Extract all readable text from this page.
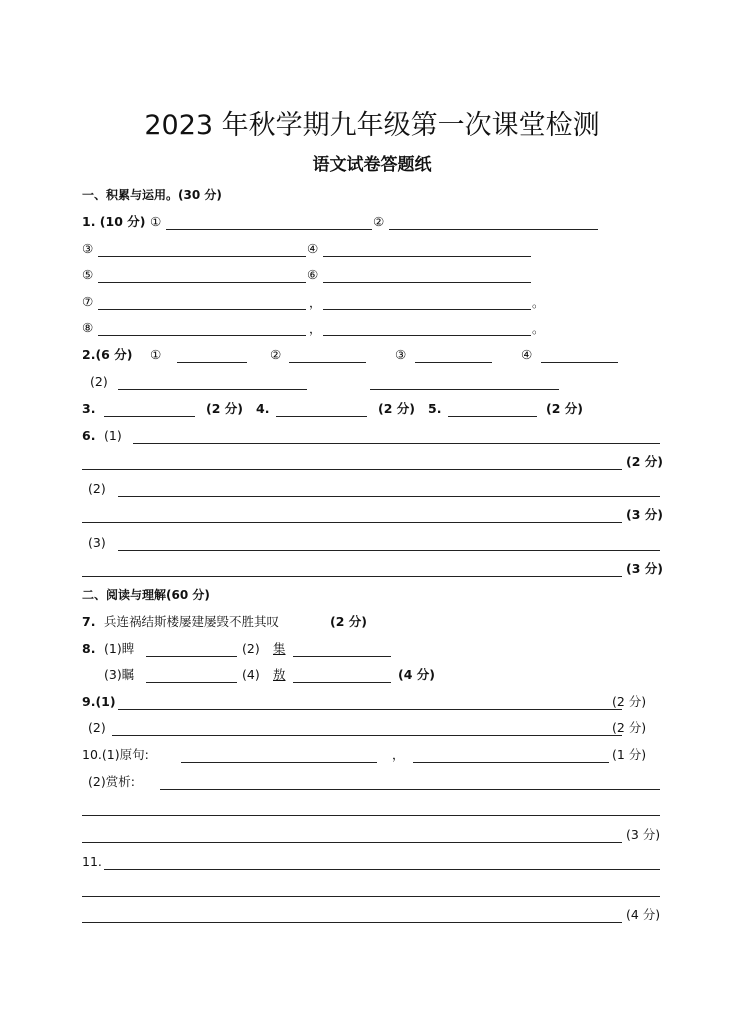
2023 年秋学期九年级第一次课堂检测
语文试卷答题纸
一、积累与运用。(30 分)
1. (10 分) ①	②
③	④
⑤	⑥
⑦	，	。
⑧	，	。
2.(6 分) ①	②	③	④
(2)
3.	(2 分) 4.	(2 分) 5.	(2 分)
6. (1)
(2 分)
(2)
(3 分)
(3)
(3 分)
二、阅读与理解(60 分)
7. 兵连祸结斯楼屡建屡毁不胜其叹	(2 分)
8. (1)睥	(2) 集
(3)瞩	(4) 敖	(4 分)
9.(1)	(2 分)
(2)	(2 分)
10.(1)原句:	，	(1 分)
(2)赏析:
(3 分)
11.
(4 分)
